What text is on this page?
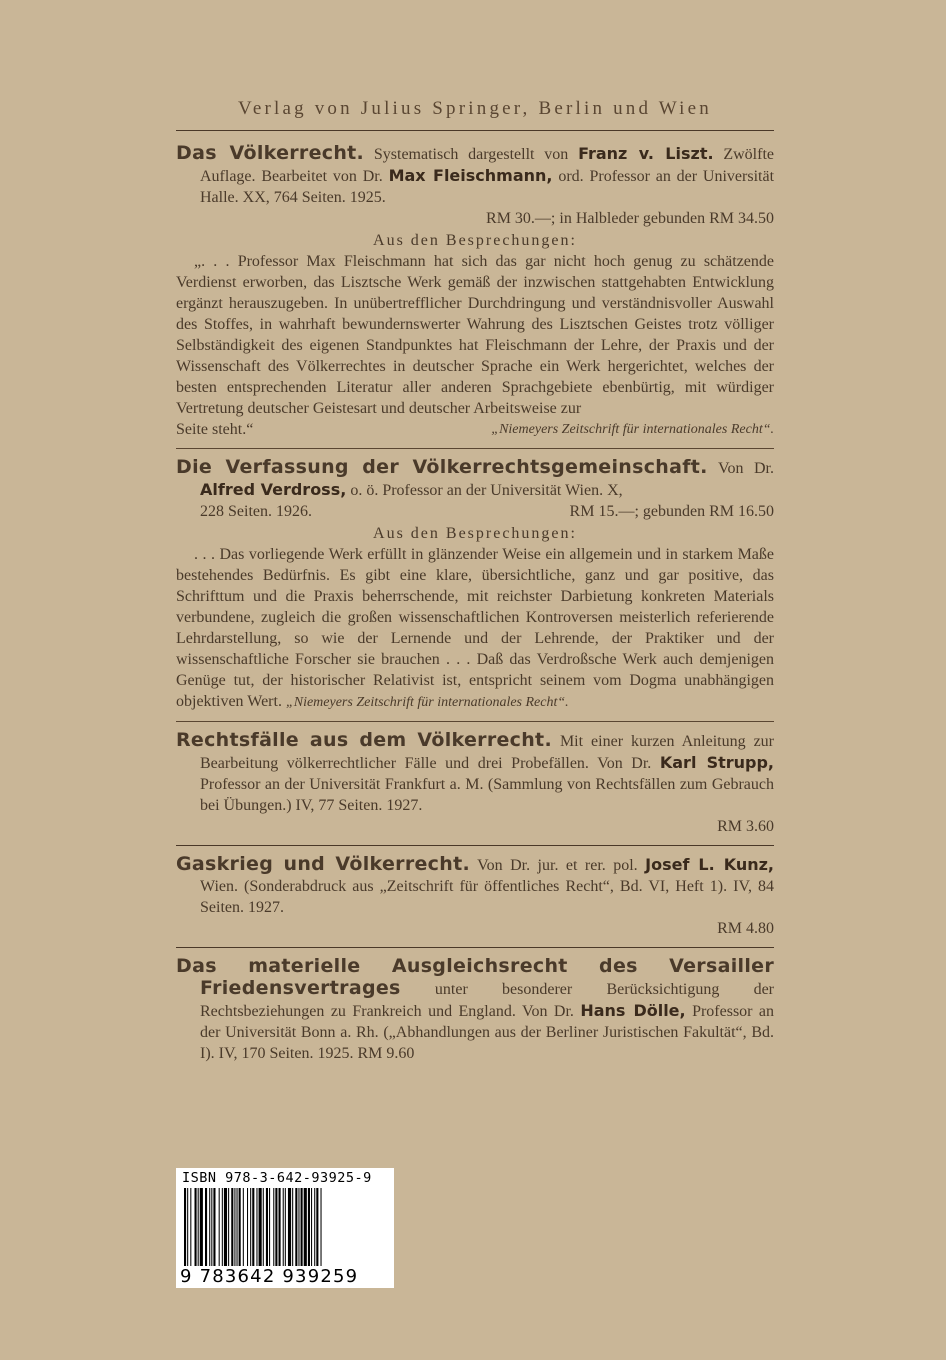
Verlag von Julius Springer, Berlin und Wien

Das Völkerrecht. Systematisch dargestellt von Franz v. Liszt. Zwölfte Auflage. Bearbeitet von Dr. Max Fleischmann, ord. Professor an der Universität Halle. XX, 764 Seiten. 1925.

RM 30.—; in Halbleder gebunden RM 34.50
Aus den Besprechungen:

„. . . Professor Max Fleischmann hat sich das gar nicht hoch genug zu schätzende Verdienst erworben, das Lisztsche Werk gemäß der inzwischen stattgehabten Entwicklung ergänzt herauszugeben. In unübertrefflicher Durchdringung und verständnisvoller Auswahl des Stoffes, in wahrhaft bewundernswerter Wahrung des Lisztschen Geistes trotz völliger Selbständigkeit des eigenen Standpunktes hat Fleischmann der Lehre, der Praxis und der Wissenschaft des Völkerrechtes in deutscher Sprache ein Werk hergerichtet, welches der besten entsprechenden Literatur aller anderen Sprachgebiete ebenbürtig, mit würdiger Vertretung deutscher Geistesart und deutscher Arbeitsweise zur

Seite steht.“	„Niemeyers Zeitschrift für internationales Recht“.

Die Verfassung der Völkerrechtsgemeinschaft. Von Dr. Alfred Verdross, o. ö. Professor an der Universität Wien. X,

228 Seiten. 1926.	RM 15.—; gebunden RM 16.50
Aus den Besprechungen:

. . . Das vorliegende Werk erfüllt in glänzender Weise ein allgemein und in starkem Maße bestehendes Bedürfnis. Es gibt eine klare, übersichtliche, ganz und gar positive, das Schrifttum und die Praxis beherrschende, mit reichster Darbietung konkreten Materials verbundene, zugleich die großen wissenschaftlichen Kontroversen meisterlich referierende Lehrdarstellung, so wie der Lernende und der Lehrende, der Praktiker und der wissenschaftliche Forscher sie brauchen . . . Daß das Verdroßsche Werk auch demjenigen Genüge tut, der historischer Relativist ist, entspricht seinem vom Dogma unabhängigen objektiven Wert. „Niemeyers Zeitschrift für internationales Recht“.

Rechtsfälle aus dem Völkerrecht. Mit einer kurzen Anleitung zur Bearbeitung völkerrechtlicher Fälle und drei Probefällen. Von Dr. Karl Strupp, Professor an der Universität Frankfurt a. M. (Sammlung von Rechtsfällen zum Gebrauch bei Übungen.) IV, 77 Seiten. 1927.

RM 3.60

Gaskrieg und Völkerrecht. Von Dr. jur. et rer. pol. Josef L. Kunz, Wien. (Sonderabdruck aus „Zeitschrift für öffentliches Recht“, Bd. VI, Heft 1). IV, 84 Seiten. 1927.

RM 4.80

Das materielle Ausgleichsrecht des Versailler Friedensvertrages unter besonderer Berücksichtigung der Rechtsbeziehungen zu Frankreich und England. Von Dr. Hans Dölle, Professor an der Universität Bonn a. Rh. („Abhandlungen aus der Berliner Juristischen Fakultät“, Bd. I). IV, 170 Seiten. 1925. RM 9.60

ISBN 978-3-642-93925-9
9 783642 939259
